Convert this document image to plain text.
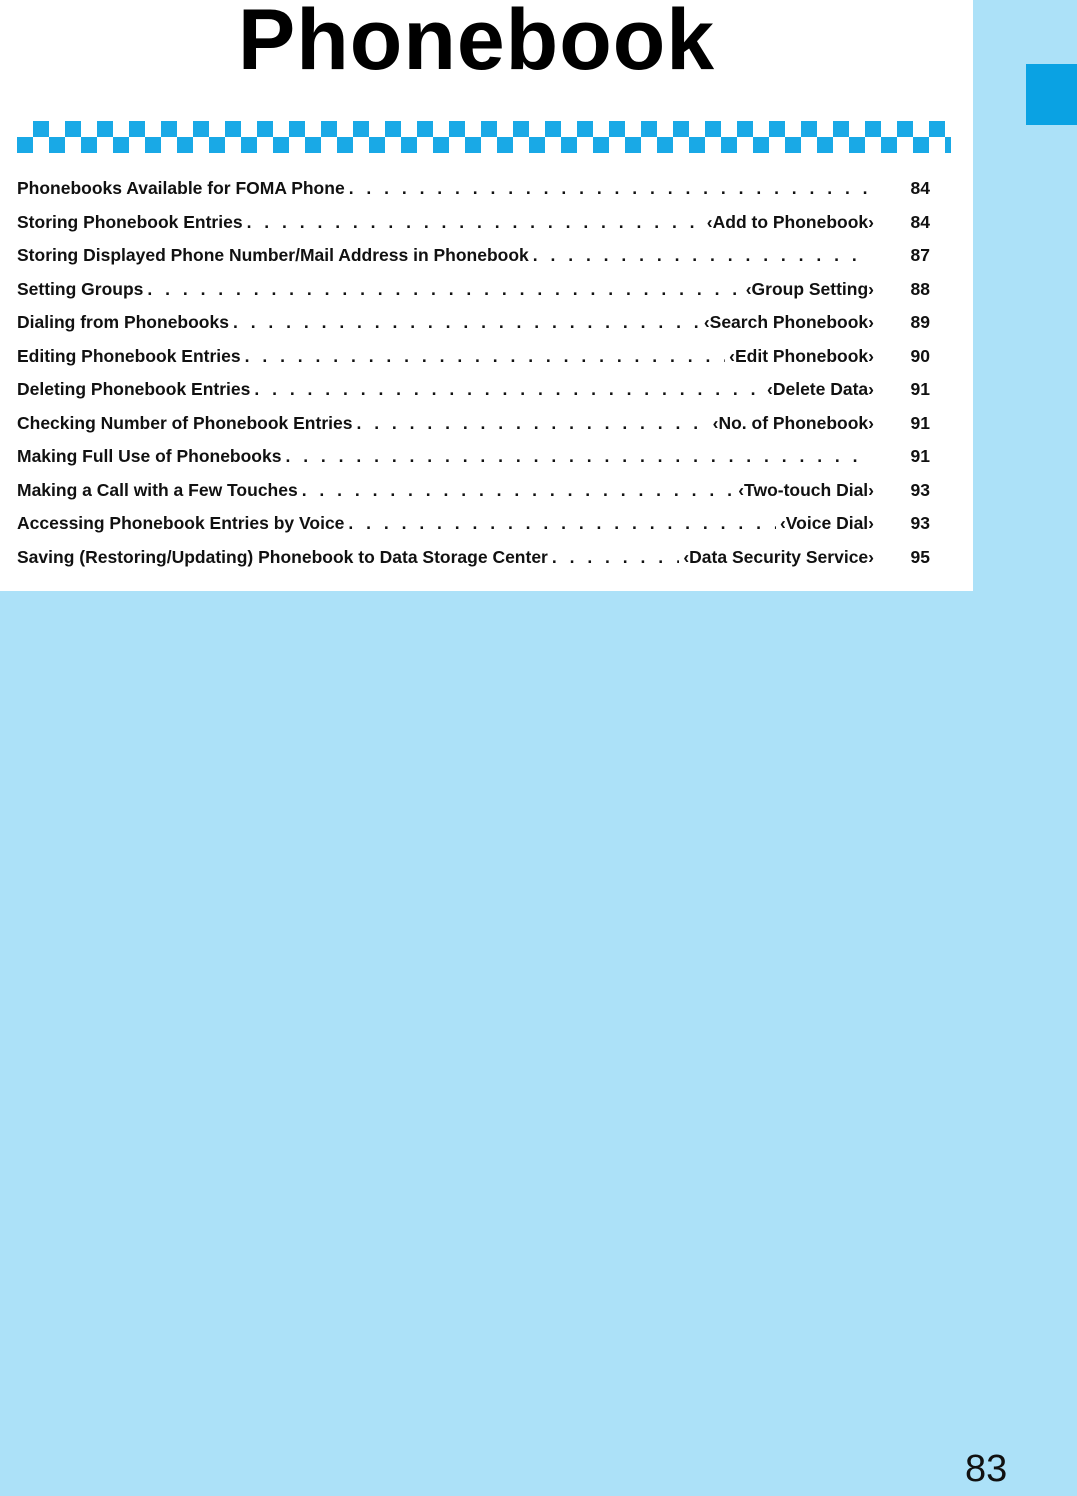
Phonebook
Phonebooks Available for FOMA Phone . . .	84
Storing Phonebook Entries . . .	‹Add to Phonebook›	84
Storing Displayed Phone Number/Mail Address in Phonebook . . .	87
Setting Groups . . .	‹Group Setting›	88
Dialing from Phonebooks . . .	‹Search Phonebook›	89
Editing Phonebook Entries . . .	‹Edit Phonebook›	90
Deleting Phonebook Entries . . .	‹Delete Data›	91
Checking Number of Phonebook Entries . . .	‹No. of Phonebook›	91
Making Full Use of Phonebooks . . .	91
Making a Call with a Few Touches . . .	‹Two-touch Dial›	93
Accessing Phonebook Entries by Voice . . .	‹Voice Dial›	93
Saving (Restoring/Updating) Phonebook to Data Storage Center . . .	‹Data Security Service›	95
83
